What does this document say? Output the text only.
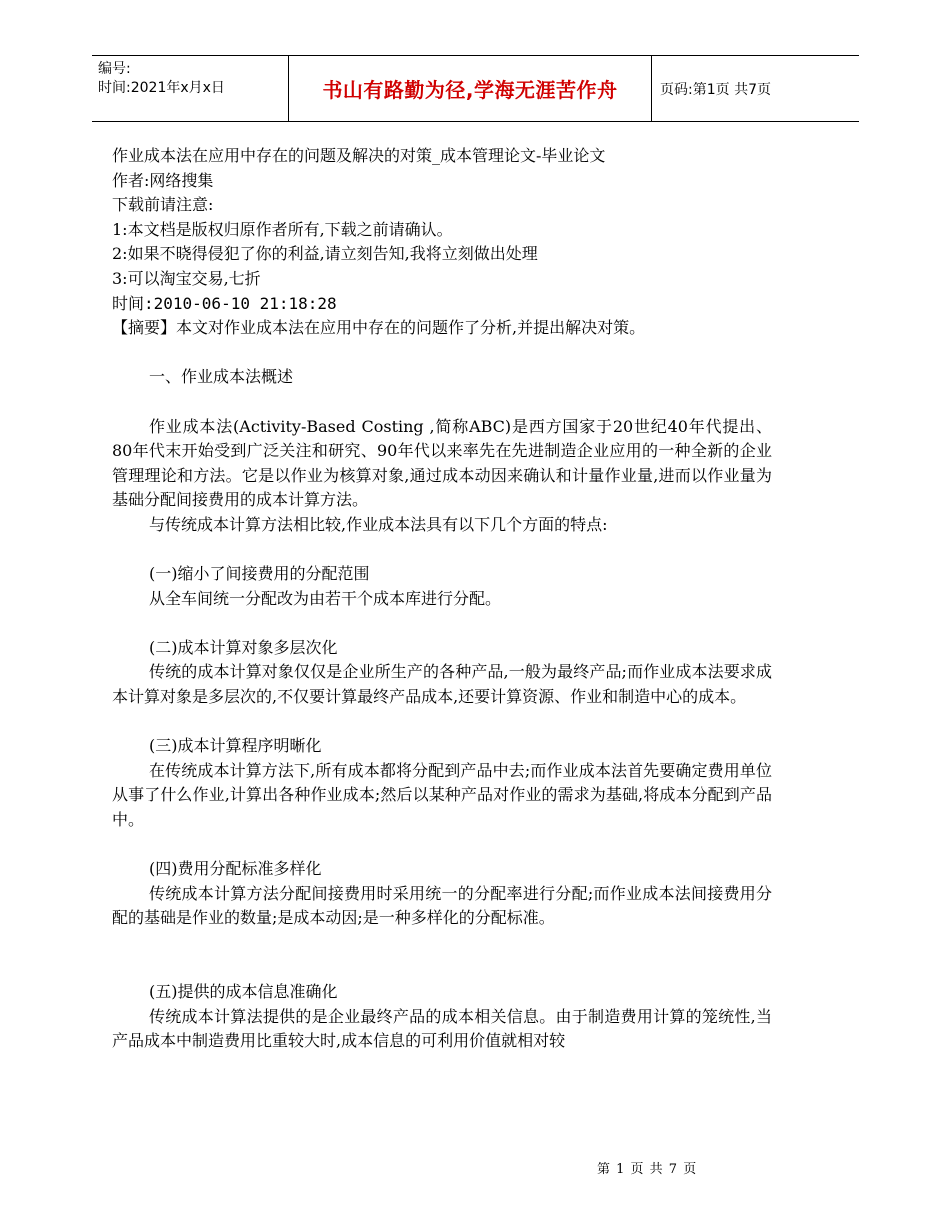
编号:
时间:2021年x月x日	书山有路勤为径,学海无涯苦作舟	页码:第1页 共7页
作业成本法在应用中存在的问题及解决的对策_成本管理论文-毕业论文
作者:网络搜集
下载前请注意:
1:本文档是版权归原作者所有,下载之前请确认。
2:如果不晓得侵犯了你的利益,请立刻告知,我将立刻做出处理
3:可以淘宝交易,七折
时间:2010-06-10 21:18:28
【摘要】本文对作业成本法在应用中存在的问题作了分析,并提出解决对策。

一、作业成本法概述

作业成本法(Activity-Based Costing ,简称ABC)是西方国家于20世纪40年代提出、80年代末开始受到广泛关注和研究、90年代以来率先在先进制造企业应用的一种全新的企业管理理论和方法。它是以作业为核算对象,通过成本动因来确认和计量作业量,进而以作业量为基础分配间接费用的成本计算方法。

与传统成本计算方法相比较,作业成本法具有以下几个方面的特点:

(一)缩小了间接费用的分配范围

从全车间统一分配改为由若干个成本库进行分配。

(二)成本计算对象多层次化

传统的成本计算对象仅仅是企业所生产的各种产品,一般为最终产品;而作业成本法要求成本计算对象是多层次的,不仅要计算最终产品成本,还要计算资源、作业和制造中心的成本。

(三)成本计算程序明晰化

在传统成本计算方法下,所有成本都将分配到产品中去;而作业成本法首先要确定费用单位从事了什么作业,计算出各种作业成本;然后以某种产品对作业的需求为基础,将成本分配到产品中。

(四)费用分配标准多样化

传统成本计算方法分配间接费用时采用统一的分配率进行分配;而作业成本法间接费用分配的基础是作业的数量;是成本动因;是一种多样化的分配标准。

(五)提供的成本信息准确化

传统成本计算法提供的是企业最终产品的成本相关信息。由于制造费用计算的笼统性,当产品成本中制造费用比重较大时,成本信息的可利用价值就相对较

第 1 页 共 7 页
